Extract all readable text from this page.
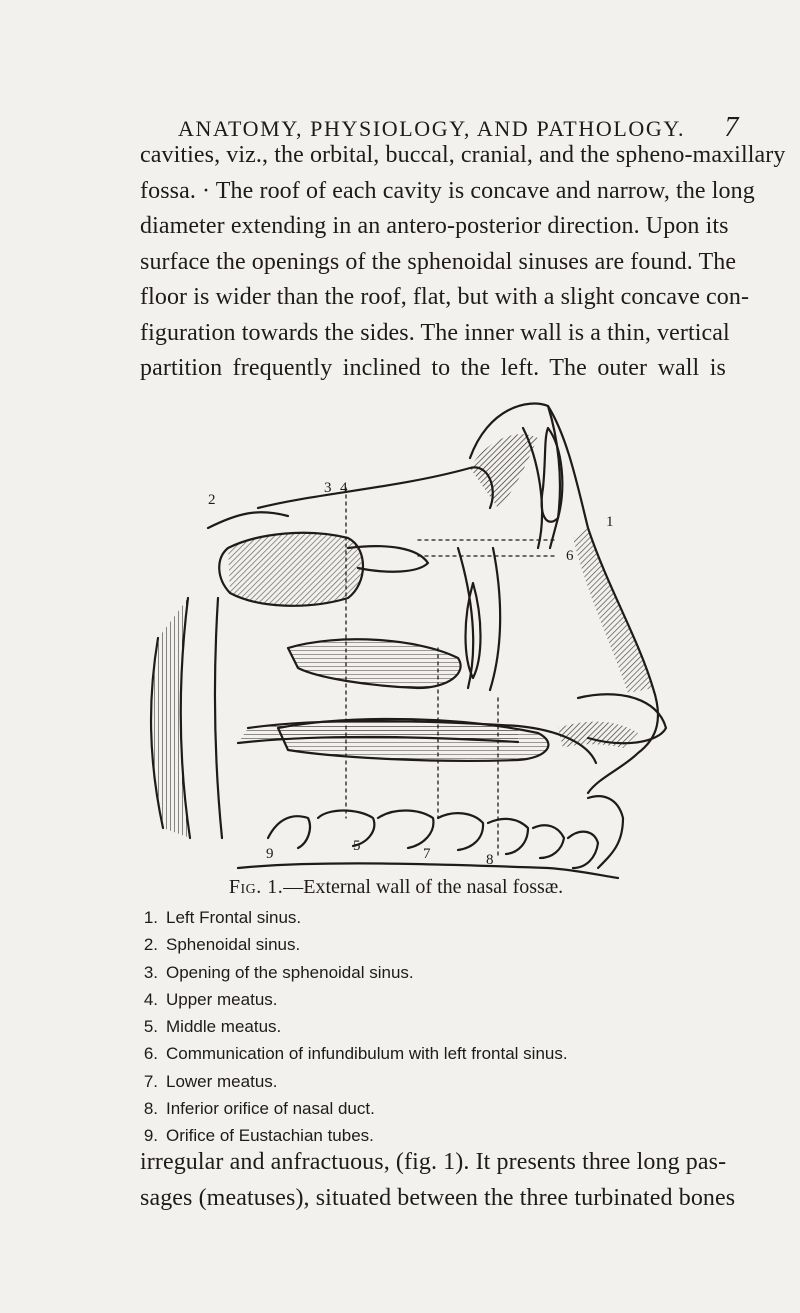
ANATOMY, PHYSIOLOGY, AND PATHOLOGY. 7
cavities, viz., the orbital, buccal, cranial, and the spheno-maxillary
fossa. · The roof of each cavity is concave and narrow, the long
diameter extending in an antero-posterior direction. Upon its
surface the openings of the sphenoidal sinuses are found. The
floor is wider than the roof, flat, but with a slight concave con-
figuration towards the sides. The inner wall is a thin, vertical
partition frequently inclined to the left. The outer wall is
1
2
3 4
5
6
7	8
9
Fig. 1.—External wall of the nasal fossæ.
1. Left Frontal sinus.
2. Sphenoidal sinus.
3. Opening of the sphenoidal sinus.
4. Upper meatus.
5. Middle meatus.
6. Communication of infundibulum with left frontal sinus.
7. Lower meatus.
8. Inferior orifice of nasal duct.
9. Orifice of Eustachian tubes.
irregular and anfractuous, (fig. 1). It presents three long pas-
sages (meatuses), situated between the three turbinated bones
